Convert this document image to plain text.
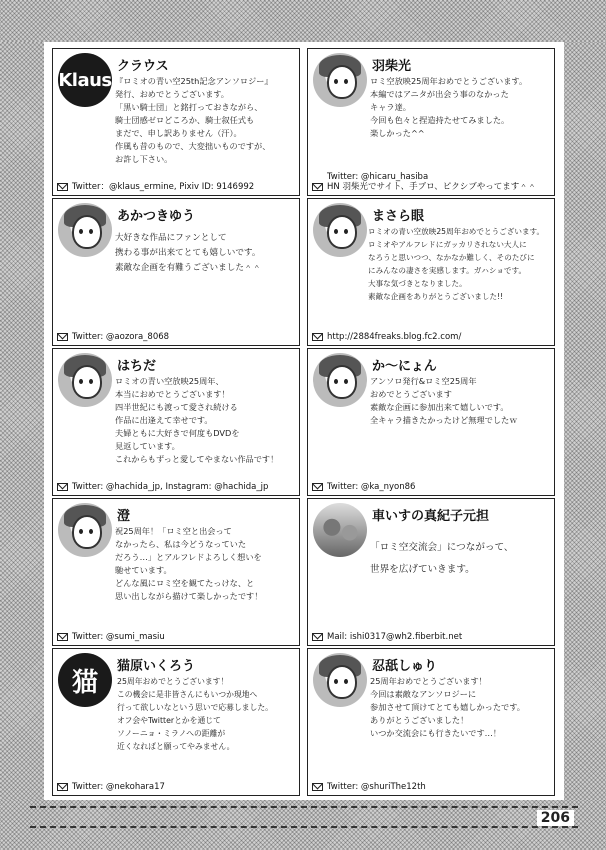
206
Klaus
クラウス
『ロミオの青い空25th記念アンソロジー』
発行、おめでとうございます。
「黒い騎士団」と銘打っておきながら、
騎士団感ゼロどころか、騎士叙任式も
まだで、申し訳ありません（汗）。
作風も昔のもので、大変拙いものですが、
お許し下さい。
Twitter：@klaus_ermine, Pixiv ID: 9146992
羽柴光
ロミ空放映25周年おめでとうございます。
本編ではアニタが出会う事のなかった
キャラ達。
今回も色々と捏造持たせてみました。
楽しかった^^
Twitter: @hicaru_hasiba
HN 羽柴光でサイト、手ブロ、ピクシブやってます＾＾
あかつきゆう
大好きな作品にファンとして
携わる事が出来てとても嬉しいです。
素敵な企画を有難うございました＾＾
Twitter: @aozora_8068
まさら眼
ロミオの青い空放映25周年おめでとうございます。
ロミオやアルフレドにガッカリされない大人に
なろうと思いつつ、なかなか難しく、そのたびに
にみんなの凄さを実感します。ガハショです。
大事な気づきとなりました。
素敵な企画をありがとうございました!!
http://2884freaks.blog.fc2.com/
はちだ
ロミオの青い空放映25周年、
本当におめでとうございます！
四半世紀にも渡って愛され続ける
作品に出逢えて幸せです。
夫婦ともに大好きで何度もDVDを
見返しています。
これからもずっと愛してやまない作品です！
Twitter: @hachida_jp, Instagram: @hachida_jp
か〜にょん
アンソロ発行&ロミ空25周年
おめでとうございます
素敵な企画に参加出来て嬉しいです。
全キャラ描きたかったけど無理でしたｗ
Twitter: @ka_nyon86
澄
祝25周年！「ロミ空と出会って
なかったら、私は今どうなっていた
だろう…」とアルフレドよろしく想いを
馳せています。
どんな風にロミ空を観てたっけな、と
思い出しながら描けて楽しかったです！
Twitter: @sumi_masiu
車いすの真紀子元担
「ロミ空交流会」につながって、
世界を広げていきます。
Mail: ishi0317@wh2.fiberbit.net
猫
猫原いくろう
25周年おめでとうございます！
この機会に是非皆さんにもいつか現地へ
行って欲しいなという思いで応募しました。
オフ会やTwitterとかを通じて
ソノーニョ・ミラノへの距離が
近くなればと願ってやみません。
Twitter: @nekohara17
忍舐しゅり
25周年おめでとうございます！
今回は素敵なアンソロジーに
参加させて頂けてとても嬉しかったです。
ありがとうございました！
いつか交流会にも行きたいです…！
Twitter: @shuriThe12th
